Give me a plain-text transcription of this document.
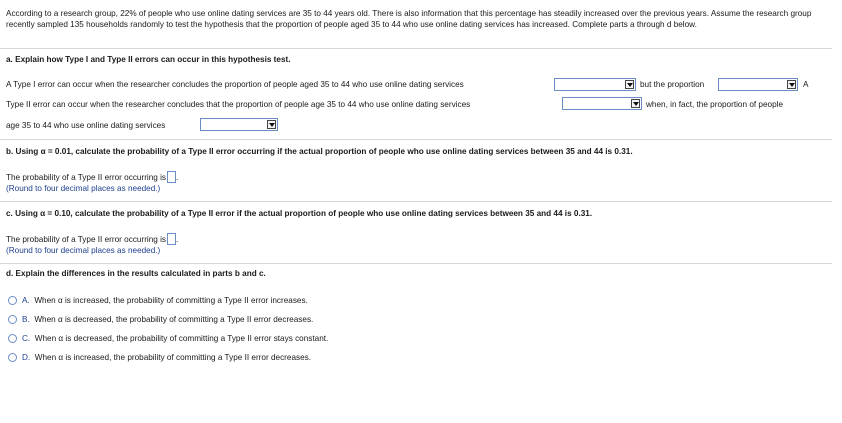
According to a research group, 22% of people who use online dating services are 35 to 44 years old. There is also information that this percentage has steadily increased over the previous years. Assume the research group recently sampled 135 households randomly to test the hypothesis that the proportion of people aged 35 to 44 who use online dating services has increased. Complete parts a through d below.
a. Explain how Type I and Type II errors can occur in this hypothesis test.
A Type I error can occur when the researcher concludes the proportion of people aged 35 to 44 who use online dating services	but the proportion	A
Type II error can occur when the researcher concludes that the proportion of people age 35 to 44 who use online dating services	when, in fact, the proportion of people
age 35 to 44 who use online dating services
b. Using α = 0.01, calculate the probability of a Type II error occurring if the actual proportion of people who use online dating services between 35 and 44 is 0.31.
The probability of a Type II error occurring is .
(Round to four decimal places as needed.)
c. Using α = 0.10, calculate the probability of a Type II error if the actual proportion of people who use online dating services between 35 and 44 is 0.31.
The probability of a Type II error occurring is .
(Round to four decimal places as needed.)
d. Explain the differences in the results calculated in parts b and c.
A. When α is increased, the probability of committing a Type II error increases.
B. When α is decreased, the probability of committing a Type II error decreases.
C. When α is decreased, the probability of committing a Type II error stays constant.
D. When α is increased, the probability of committing a Type II error decreases.
